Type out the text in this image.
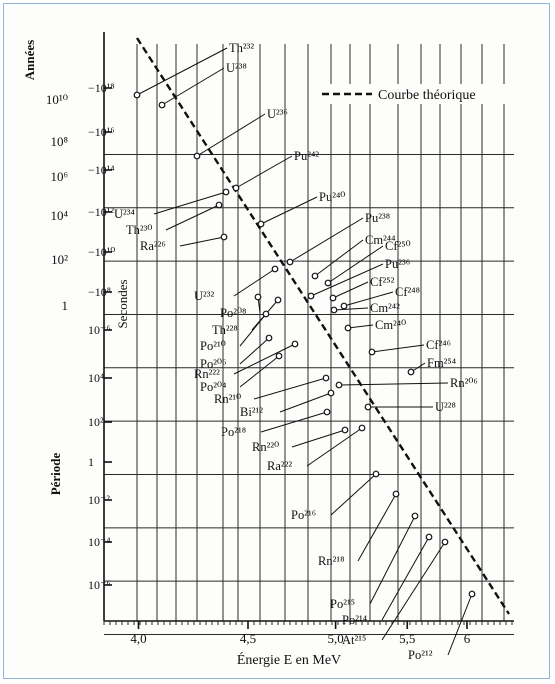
4,0	4,5	5,0	5,5	6
10¹⁰
10⁸
10⁶
10⁴
10²
1
−10¹⁸
−10¹⁶
−10¹⁴
−10¹²
−10¹⁰
−10⁸
10⁻⁶
10⁴
10²
1
10⁻²
10⁻⁴
10⁻⁶
Th²³²
U²³⁸
U²³⁶
Pu²⁴²
U²³⁴
Th²³⁰
Pu²⁴⁰
Ra²²⁶
U²³²
Pu²³⁸
Cm²⁴⁴
Cf²⁵⁰
Pu²³⁶
Cf²⁵²
Cf²⁴⁸
Cm²⁴²
Cm²⁴⁰
Po²⁰⁸
Th²²⁸
Po²¹⁰
Po²⁰⁶
Rn²²²
Po²⁰⁴
Cf²⁴⁶
Fm²⁵⁴
Rn²¹⁰
Rn²⁰⁶
Bi²¹²	U²²⁸
Po²¹⁸
Rn²²⁰
Ra²²²
Po²¹⁶
Rn²¹⁸
Po²¹⁵
Po²¹⁴
At²¹⁵
Po²¹²
Courbe théorique
Années
Secondes
Période
Énergie E en MeV
